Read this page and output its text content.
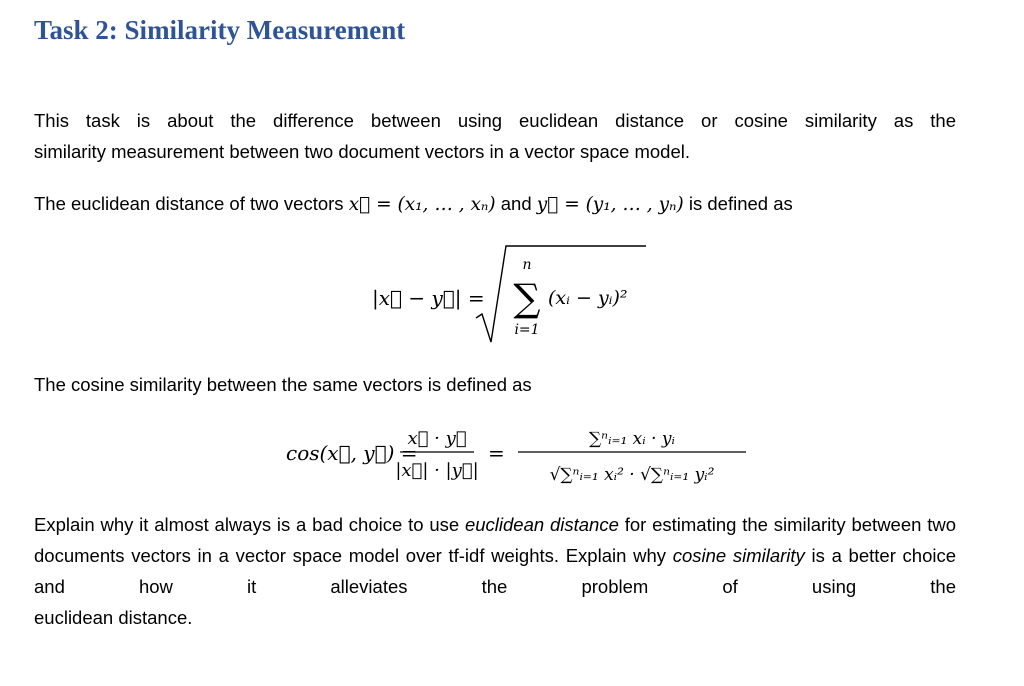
Task 2: Similarity Measurement

This task is about the difference between using euclidean distance or cosine similarity as the
similarity measurement between two document vectors in a vector space model.

The euclidean distance of two vectors x⃗ = (x₁, … , xₙ) and y⃗ = (y₁, … , yₙ) is defined as

|x⃗ − y⃗| =
n
∑
i=1
(xᵢ − yᵢ)²

The cosine similarity between the same vectors is defined as

cos(x⃗, y⃗) =
x⃗ · y⃗
|x⃗| · |y⃗|
=
∑ⁿᵢ₌₁ xᵢ · yᵢ
√∑ⁿᵢ₌₁ xᵢ² · √∑ⁿᵢ₌₁ yᵢ²

Explain why it almost always is a bad choice to use euclidean distance for estimating the similarity between two documents vectors in a vector space model over tf-idf weights. Explain why cosine similarity is a better choice and how it alleviates the problem of using the
euclidean distance.
